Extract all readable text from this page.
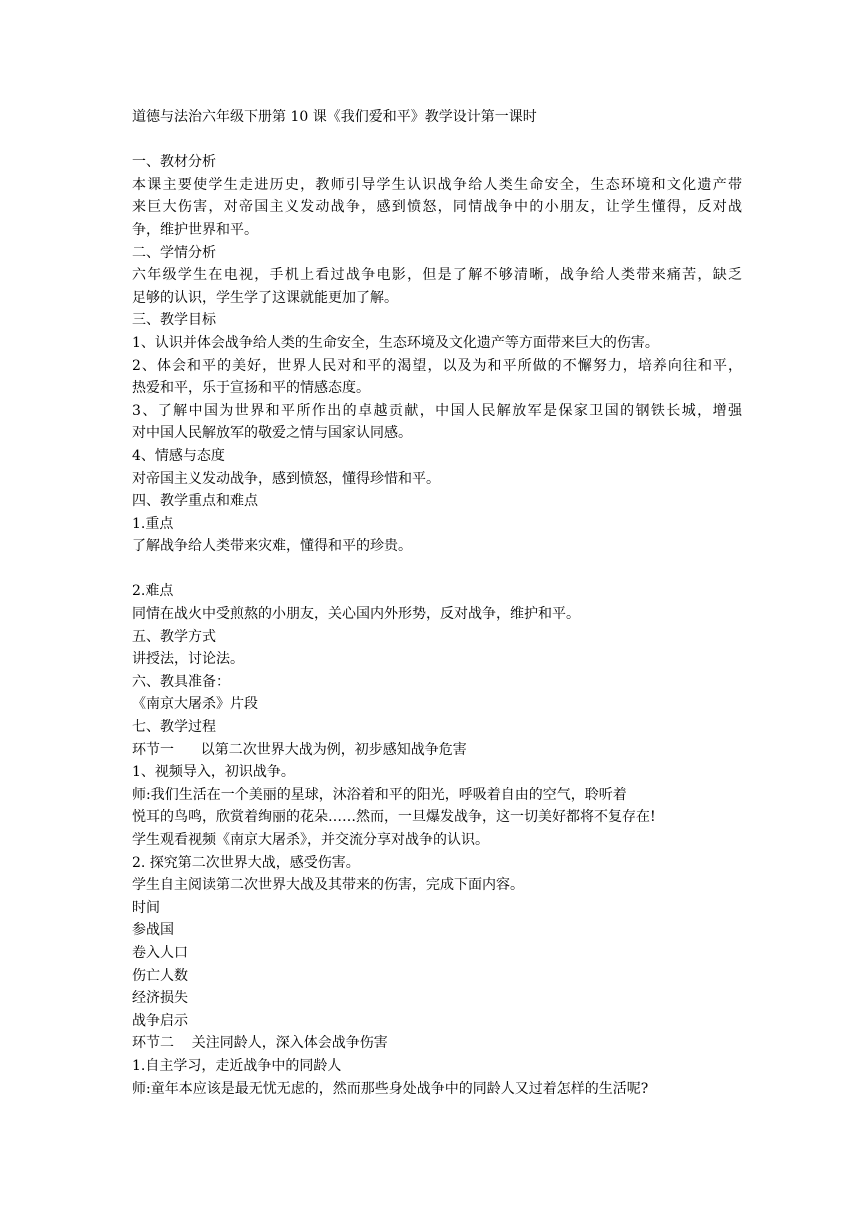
道德与法治六年级下册第 10 课《我们爱和平》教学设计第一课时
一、教材分析
本课主要使学生走进历史，教师引导学生认识战争给人类生命安全，生态环境和文化遗产带
来巨大伤害，对帝国主义发动战争，感到愤怒，同情战争中的小朋友，让学生懂得，反对战
争，维护世界和平。
二、学情分析
六年级学生在电视，手机上看过战争电影，但是了解不够清晰，战争给人类带来痛苦，缺乏
足够的认识，学生学了这课就能更加了解。
三、教学目标
1、认识并体会战争给人类的生命安全，生态环境及文化遗产等方面带来巨大的伤害。
2、体会和平的美好，世界人民对和平的渴望，以及为和平所做的不懈努力，培养向往和平，
热爱和平，乐于宣扬和平的情感态度。
3、了解中国为世界和平所作出的卓越贡献，中国人民解放军是保家卫国的钢铁长城，增强
对中国人民解放军的敬爱之情与国家认同感。
4、情感与态度
对帝国主义发动战争，感到愤怒，懂得珍惜和平。
四、教学重点和难点
1.重点
了解战争给人类带来灾难，懂得和平的珍贵。
2.难点
同情在战火中受煎熬的小朋友，关心国内外形势，反对战争，维护和平。
五、教学方式
讲授法，讨论法。
六、教具准备：
《南京大屠杀》片段
七、教学过程
环节一      以第二次世界大战为例，初步感知战争危害
1、视频导入，初识战争。
师:我们生活在一个美丽的星球，沐浴着和平的阳光，呼吸着自由的空气，聆听着
悦耳的鸟鸣，欣赏着绚丽的花朵……然而，一旦爆发战争，这一切美好都将不复存在!
学生观看视频《南京大屠杀》，并交流分享对战争的认识。
2. 探究第二次世界大战，感受伤害。
学生自主阅读第二次世界大战及其带来的伤害，完成下面内容。
时间
参战国
卷入人口
伤亡人数
经济损失
战争启示
环节二    关注同龄人，深入体会战争伤害
1.自主学习，走近战争中的同龄人
师:童年本应该是最无忧无虑的，然而那些身处战争中的同龄人又过着怎样的生活呢?
